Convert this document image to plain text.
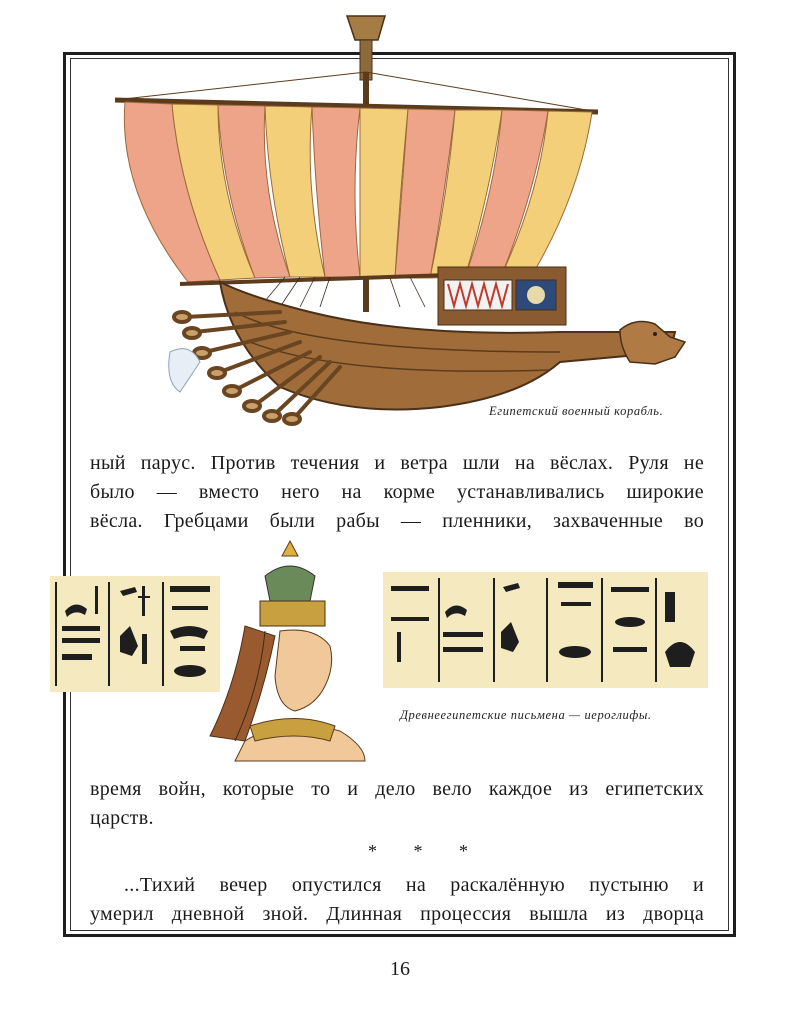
Египетский военный корабль.
ный парус. Против течения и ветра шли на вёслах. Руля не
было — вместо него на корме устанавливались широкие
вёсла. Гребцами были рабы — пленники, захваченные во
Древнеегипетские письмена — иероглифы.
время войн, которые то и дело вело каждое из египетских
царств.
* * *
...Тихий вечер опустился на раскалённую пустыню и
умерил дневной зной. Длинная процессия вышла из дворца
16
